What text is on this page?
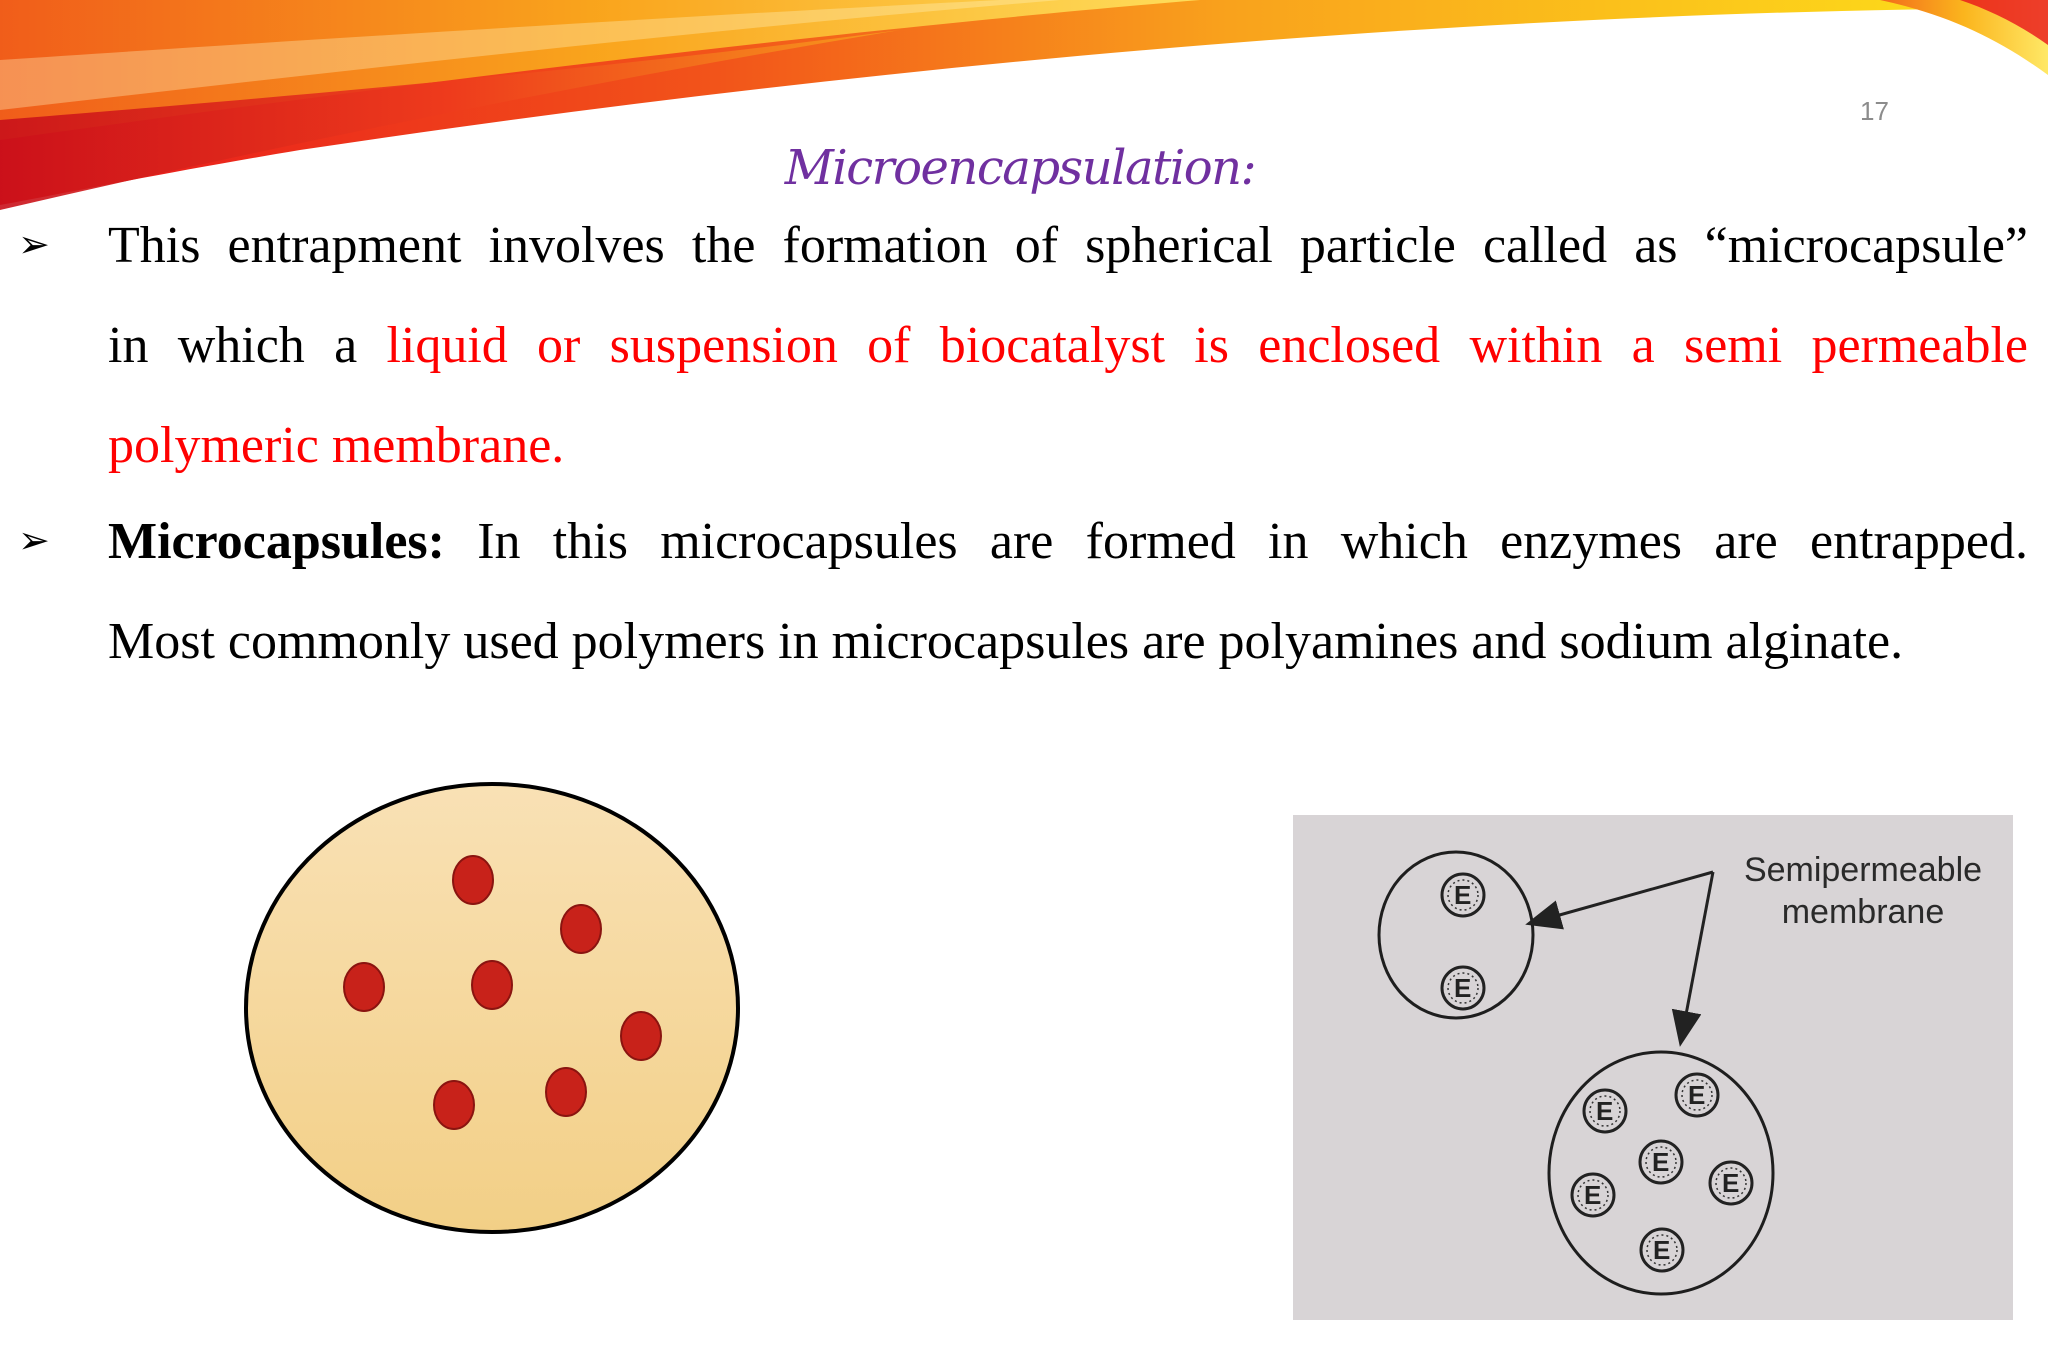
17
Microencapsulation:
➢ This entrapment involves the formation of spherical particle called as “microcapsule”
in which a liquid or suspension of biocatalyst is enclosed within a semi permeable
polymeric membrane.
➢ Microcapsules: In this microcapsules are formed in which enzymes are entrapped.
Most commonly used polymers in microcapsules are polyamines and sodium alginate.
E
E
E
E
E
E	E
E
Semipermeable
membrane
